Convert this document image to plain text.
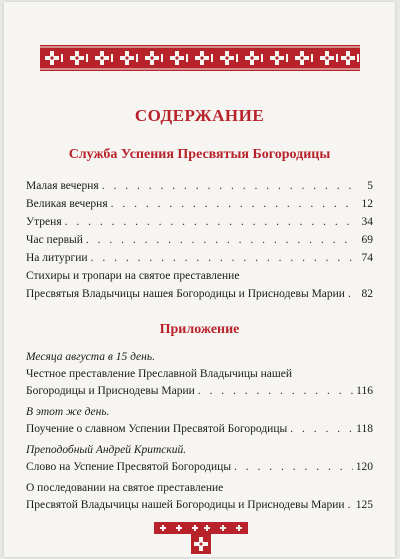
СОДЕРЖАНИЕ
Служба Успения Пресвятыя Богородицы
Малая вечерня . . .	5
Великая вечерня . . .	12
Утреня . . .	34
Час первый . . .	69
На литургии . . .	74
Стихиры и тропари на святое преставление
Пресвятыя Владычицы нашея Богородицы и Приснодевы Марии . . . 82
Приложение
Месяца августа в 15 день.
Честное преставление Преславной Владычицы нашей
Богородицы и Приснодевы Марии . . .	116
В этот же день.
Поучение о славном Успении Пресвятой Богородицы . . .	118
Преподобный Андрей Критский.
Слово на Успение Пресвятой Богородицы . . .	120
О последовании на святое преставление
Пресвятой Владычицы нашей Богородицы и Приснодевы Марии . . . 125
